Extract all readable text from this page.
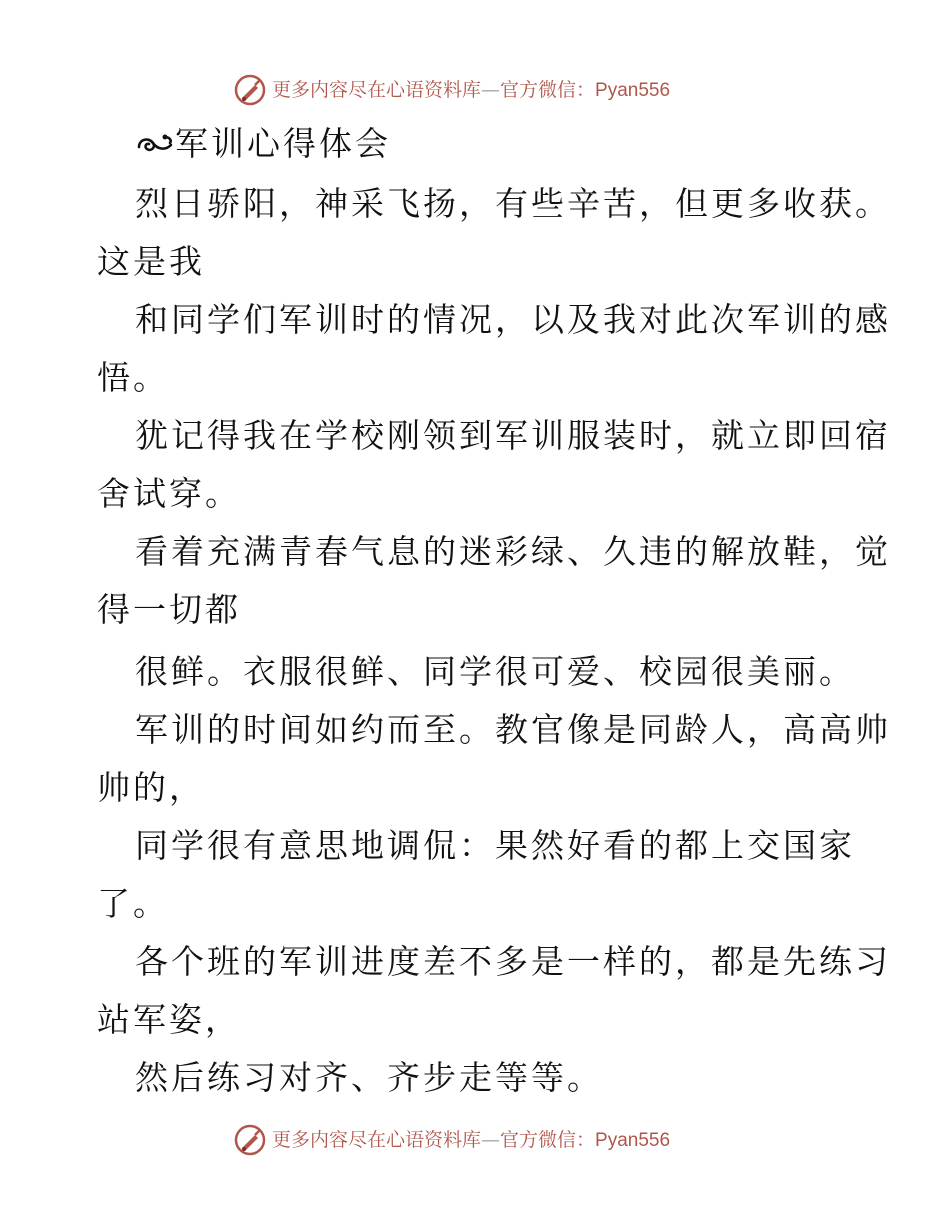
更多内容尽在心语资料库—官方微信：Pyan556
军训心得体会
烈日骄阳，神采飞扬，有些辛苦，但更多收获。
这是我
和同学们军训时的情况，以及我对此次军训的感
悟。
犹记得我在学校刚领到军训服装时，就立即回宿
舍试穿。
看着充满青春气息的迷彩绿、久违的解放鞋，觉
得一切都
很鲜。衣服很鲜、同学很可爱、校园很美丽。
军训的时间如约而至。教官像是同龄人，高高帅
帅的，
同学很有意思地调侃：果然好看的都上交国家
了。
各个班的军训进度差不多是一样的，都是先练习
站军姿，
然后练习对齐、齐步走等等。
更多内容尽在心语资料库—官方微信：Pyan556
